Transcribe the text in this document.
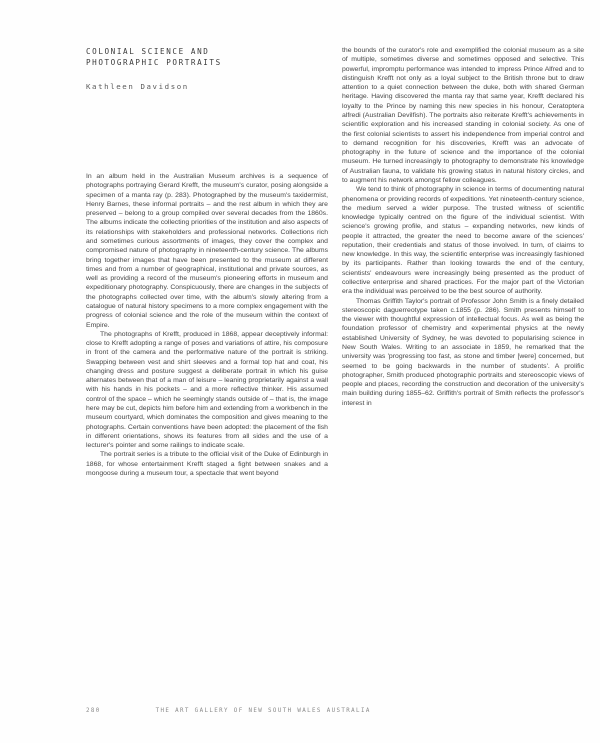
COLONIAL SCIENCE AND
PHOTOGRAPHIC PORTRAITS

Kathleen Davidson

In an album held in the Australian Museum archives is a sequence of photographs portraying Gerard Krefft, the museum's curator, posing alongside a specimen of a manta ray (p. 283). Photographed by the museum's taxidermist, Henry Barnes, these informal portraits – and the rest album in which they are preserved – belong to a group compiled over several decades from the 1860s. The albums indicate the collecting priorities of the institution and also aspects of its relationships with stakeholders and professional networks. Collections rich and sometimes curious assortments of images, they cover the complex and compromised nature of photography in nineteenth-century science. The albums bring together images that have been presented to the museum at different times and from a number of geographical, institutional and private sources, as well as providing a record of the museum's pioneering efforts in museum and expeditionary photography. Conspicuously, there are changes in the subjects of the photographs collected over time, with the album's slowly altering from a catalogue of natural history specimens to a more complex engagement with the progress of colonial science and the role of the museum within the context of Empire.

The photographs of Krefft, produced in 1868, appear deceptively informal: close to Krefft adopting a range of poses and variations of attire, his composure in front of the camera and the performative nature of the portrait is striking. Swapping between vest and shirt sleeves and a formal top hat and coat, his changing dress and posture suggest a deliberate portrait in which his guise alternates between that of a man of leisure – leaning proprietarily against a wall with his hands in his pockets – and a more reflective thinker. His assumed control of the space – which he seemingly stands outside of – that is, the image here may be cut, depicts him before him and extending from a workbench in the museum courtyard, which dominates the composition and gives meaning to the photographs. Certain conventions have been adopted: the placement of the fish in different orientations, shows its features from all sides and the use of a lecturer's pointer and some railings to indicate scale.

The portrait series is a tribute to the official visit of the Duke of Edinburgh in 1868, for whose entertainment Krefft staged a fight between snakes and a mongoose during a museum tour, a spectacle that went beyond

the bounds of the curator's role and exemplified the colonial museum as a site of multiple, sometimes diverse and sometimes opposed and selective. This powerful, impromptu performance was intended to impress Prince Alfred and to distinguish Krefft not only as a loyal subject to the British throne but to draw attention to a quiet connection between the duke, both with shared German heritage. Having discovered the manta ray that same year, Krefft declared his loyalty to the Prince by naming this new species in his honour, Ceratoptera alfredi (Australian Devilfish). The portraits also reiterate Krefft's achievements in scientific exploration and his increased standing in colonial society. As one of the first colonial scientists to assert his independence from imperial control and to demand recognition for his discoveries, Krefft was an advocate of photography in the future of science and the importance of the colonial museum. He turned increasingly to photography to demonstrate his knowledge of Australian fauna, to validate his growing status in natural history circles, and to augment his network amongst fellow colleagues.

We tend to think of photography in science in terms of documenting natural phenomena or providing records of expeditions. Yet nineteenth-century science, the medium served a wider purpose. The trusted witness of scientific knowledge typically centred on the figure of the individual scientist. With science's growing profile, and status – expanding networks, new kinds of people it attracted, the greater the need to become aware of the sciences' reputation, their credentials and status of those involved. In turn, of claims to new knowledge. In this way, the scientific enterprise was increasingly fashioned by its participants. Rather than looking towards the end of the century, scientists' endeavours were increasingly being presented as the product of collective enterprise and shared practices. For the major part of the Victorian era the individual was perceived to be the best source of authority.

Thomas Griffith Taylor's portrait of Professor John Smith is a finely detailed stereoscopic daguerreotype taken c.1855 (p. 286). Smith presents himself to the viewer with thoughtful expression of intellectual focus. As well as being the foundation professor of chemistry and experimental physics at the newly established University of Sydney, he was devoted to popularising science in New South Wales. Writing to an associate in 1859, he remarked that the university was 'progressing too fast, as stone and timber [were] concerned, but seemed to be going backwards in the number of students'. A prolific photographer, Smith produced photographic portraits and stereoscopic views of people and places, recording the construction and decoration of the university's main building during 1855–62. Griffith's portrait of Smith reflects the professor's interest in

280	THE ART GALLERY OF NEW SOUTH WALES AUSTRALIA
